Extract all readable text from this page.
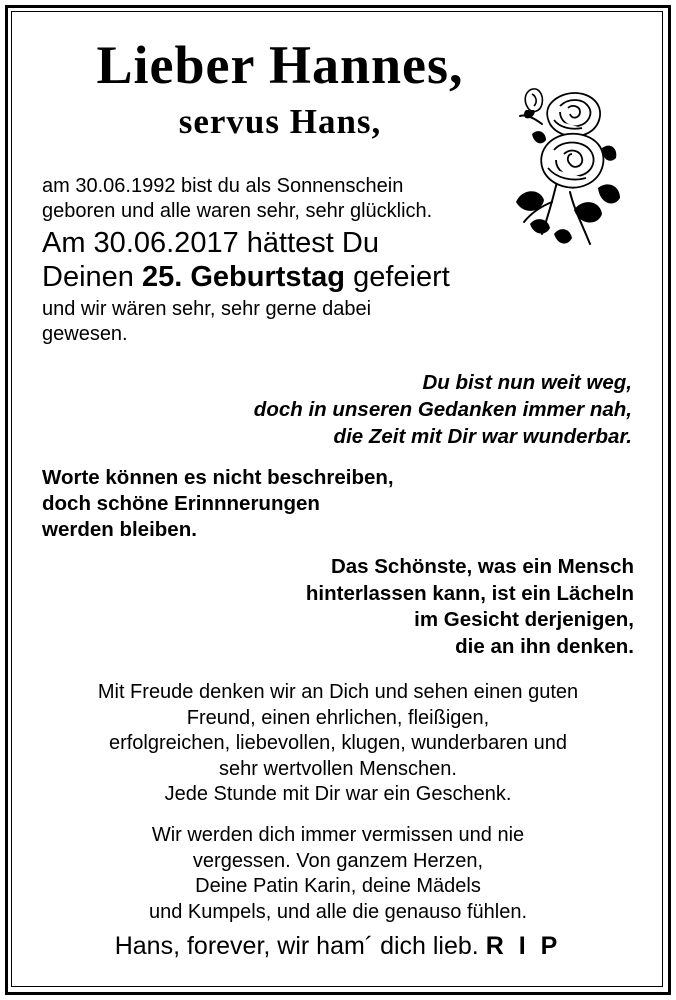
Lieber Hannes,
servus Hans,
am 30.06.1992 bist du als Sonnenschein
geboren und alle waren sehr, sehr glücklich.
Am 30.06.2017 hättest Du
Deinen 25. Geburtstag gefeiert
und wir wären sehr, sehr gerne dabei
gewesen.
Du bist nun weit weg,
doch in unseren Gedanken immer nah,
die Zeit mit Dir war wunderbar.
Worte können es nicht beschreiben,
doch schöne Erinnnerungen
werden bleiben.
Das Schönste, was ein Mensch
hinterlassen kann, ist ein Lächeln
im Gesicht derjenigen,
die an ihn denken.
Mit Freude denken wir an Dich und sehen einen guten
Freund, einen ehrlichen, fleißigen,
erfolgreichen, liebevollen, klugen, wunderbaren und
sehr wertvollen Menschen.
Jede Stunde mit Dir war ein Geschenk.
Wir werden dich immer vermissen und nie
vergessen. Von ganzem Herzen,
Deine Patin Karin, deine Mädels
und Kumpels, und alle die genauso fühlen.
Hans, forever, wir ham´ dich lieb. R I P
